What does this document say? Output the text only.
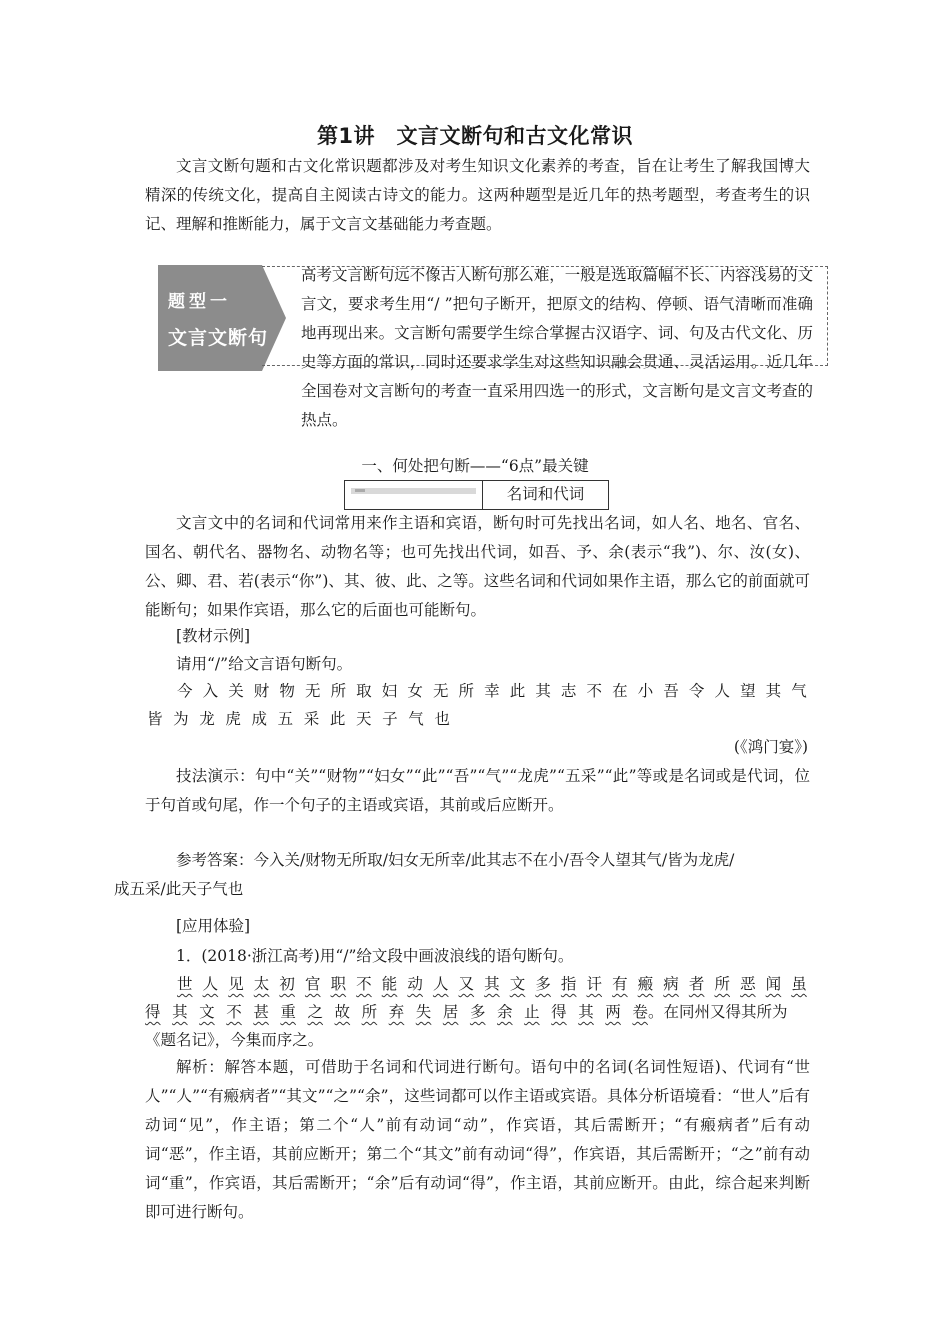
第1讲　文言文断句和古文化常识

文言文断句题和古文化常识题都涉及对考生知识文化素养的考查，旨在让考生了解我国博大精深的传统文化，提高自主阅读古诗文的能力。这两种题型是近几年的热考题型，考查考生的识记、理解和推断能力，属于文言文基础能力考查题。

题型一
文言文断句

高考文言断句远不像古人断句那么难，一般是选取篇幅不长、内容浅易的文言文，要求考生用“/ ”把句子断开，把原文的结构、停顿、语气清晰而准确地再现出来。文言断句需要学生综合掌握古汉语字、词、句及古代文化、历史等方面的常识，同时还要求学生对这些知识融会贯通、灵活运用。近几年全国卷对文言断句的考查一直采用四选一的形式，文言断句是文言文考查的热点。

一、何处把句断——“6点”最关键
名词和代词

文言文中的名词和代词常用来作主语和宾语，断句时可先找出名词，如人名、地名、官名、国名、朝代名、器物名、动物名等；也可先找出代词，如吾、予、余(表示“我”)、尔、汝(女)、公、卿、君、若(表示“你”)、其、彼、此、之等。这些名词和代词如果作主语，那么它的前面就可能断句；如果作宾语，那么它的后面也可能断句。

[教材示例]

请用“/”给文言语句断句。

今 入 关 财 物 无 所 取 妇 女 无 所 幸 此 其 志 不 在 小 吾 令 人 望 其 气
皆 为 龙 虎 成 五 采 此 天 子 气 也
(《鸿门宴》)

技法演示：句中“关”“财物”“妇女”“此”“吾”“气”“龙虎”“五采”“此”等或是名词或是代词，位于句首或句尾，作一个句子的主语或宾语，其前或后应断开。

参考答案：今入关/财物无所取/妇女无所幸/此其志不在小/吾令人望其气/皆为龙虎/
成五采/此天子气也

[应用体验]

1．(2018·浙江高考)用“/”给文段中画波浪线的语句断句。

世 人 见 太 初 官 职 不 能 动 人 又 其 文 多 指 讦 有 瘢 病 者 所 恶 闻 虽

得 其 文 不 甚 重 之 故 所 弃 失 居 多 余 止 得 其 两 卷 。在同州又得其所为

《题名记》，今集而序之。

解析：解答本题，可借助于名词和代词进行断句。语句中的名词(名词性短语)、代词有“世人”“人”“有瘢病者”“其文”“之”“余”，这些词都可以作主语或宾语。具体分析语境看：“世人”后有动词“见”，作主语；第二个“人”前有动词“动”，作宾语，其后需断开；“有瘢病者”后有动词“恶”，作主语，其前应断开；第二个“其文”前有动词“得”，作宾语，其后需断开；“之”前有动词“重”，作宾语，其后需断开；“余”后有动词“得”，作主语，其前应断开。由此，综合起来判断即可进行断句。
